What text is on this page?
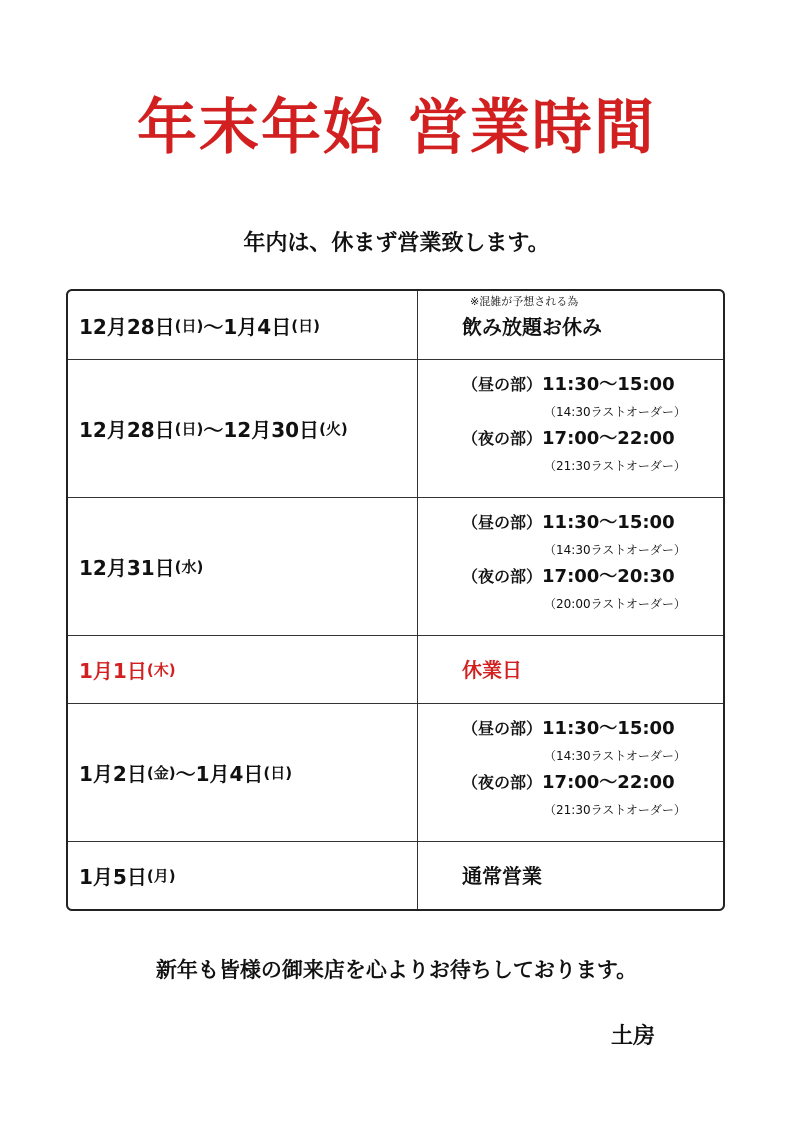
年末年始 営業時間
年内は、休まず営業致します。
12月28日 (日) ～ 1月4日 (日)
※混雑が予想される為
飲み放題お休み
12月28日 (日) ～ 12月30日 (火)
（昼の部）11:30～15:00
（14:30ラストオーダー）
（夜の部）17:00～22:00
（21:30ラストオーダー）
12月31日 (水)
（昼の部）11:30～15:00
（14:30ラストオーダー）
（夜の部）17:00～20:30
（20:00ラストオーダー）
1月1日 (木)	休業日
1月2日 (金) ～ 1月4日 (日)
（昼の部）11:30～15:00
（14:30ラストオーダー）
（夜の部）17:00～22:00
（21:30ラストオーダー）
1月5日 (月)	通常営業
新年も皆様の御来店を心よりお待ちしております。
土房
